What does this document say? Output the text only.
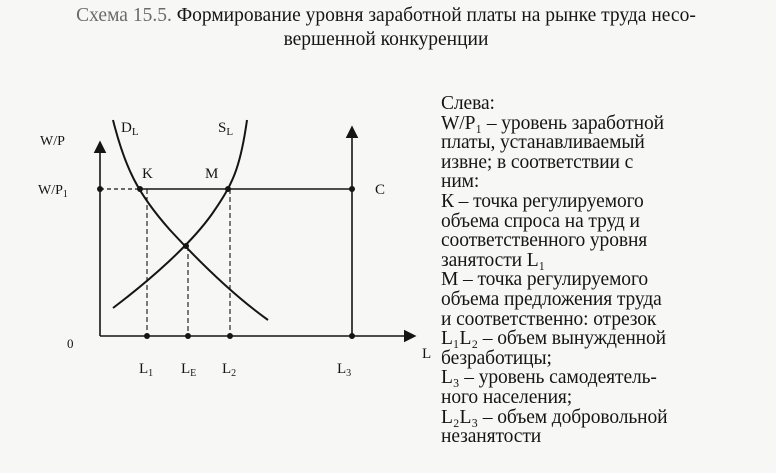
Схема 15.5. Формирование уровня заработной платы на рынке труда несо-
вершенной конкуренции
W/P
$W/P_1$
0
L
$D_L$	$S_L$
K	M
C
$L_1$ $L_E$ $L_2$	$L_3$
Слева:
W/P₁ – уровень заработной
платы, устанавливаемый
извне; в соответствии с
ним:
К – точка регулируемого
объема спроса на труд и
соответственного уровня
занятости L₁
М – точка регулируемого
объема предложения труда
и соответственно: отрезок
L₁L₂ – объем вынужденной
безработицы;
L₃ – уровень самодеятель-
ного населения;
L₂L₃ – объем добровольной
незанятости
